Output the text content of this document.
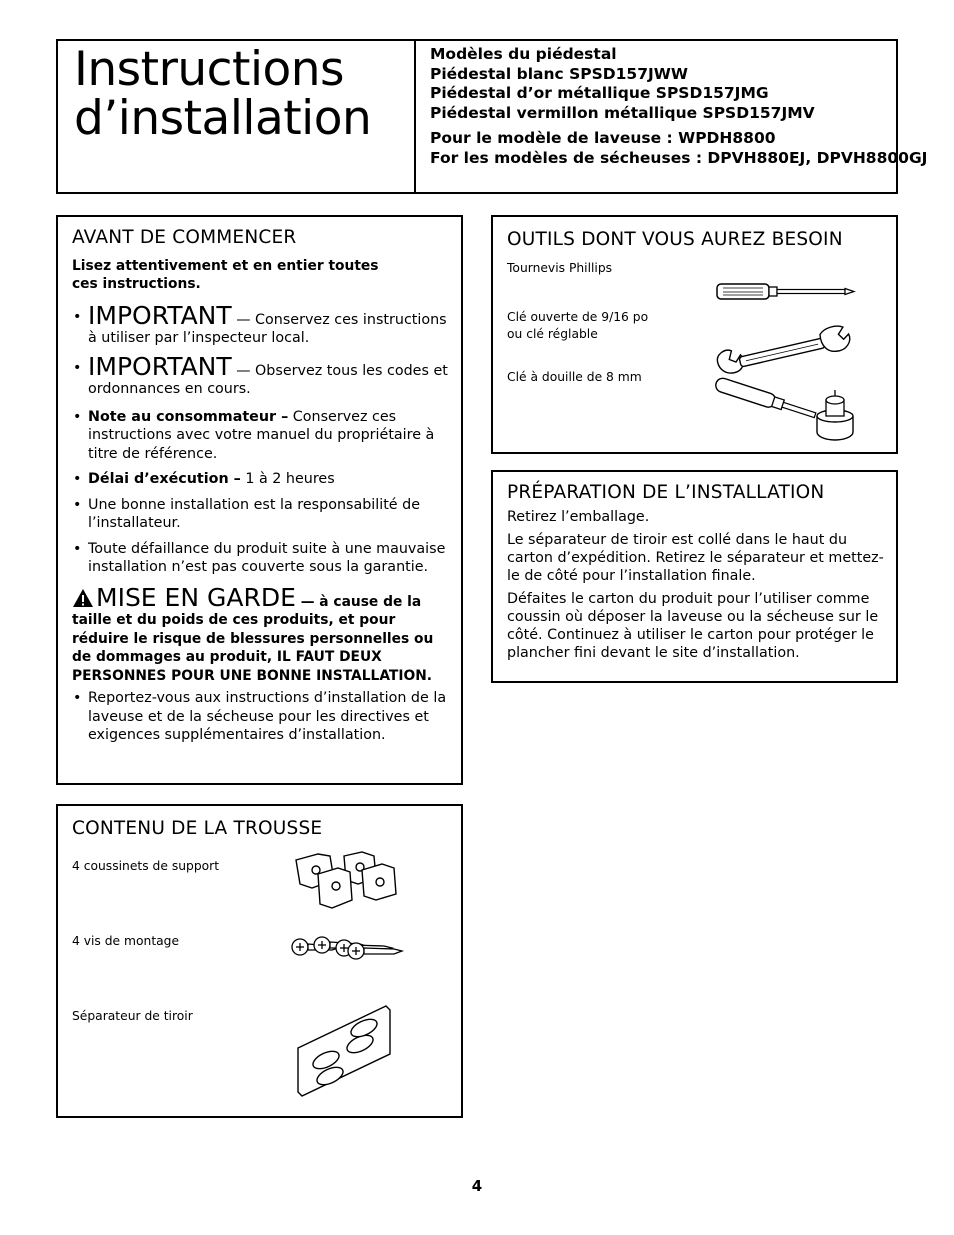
Instructions
d’installation
Modèles du piédestal
Piédestal blanc SPSD157JWW
Piédestal d’or métallique SPSD157JMG
Piédestal vermillon métallique SPSD157JMV
Pour le modèle de laveuse : WPDH8800
For les modèles de sécheuses : DPVH880EJ, DPVH8800GJ
AVANT DE COMMENCER
Lisez attentivement et en entier toutes
ces instructions.
• IMPORTANT — Conservez ces instructions à utiliser par l’inspecteur local.
• IMPORTANT — Observez tous les codes et ordonnances en cours.
• Note au consommateur – Conservez ces instructions avec votre manuel du propriétaire à titre de référence.
• Délai d’exécution – 1 à 2 heures
• Une bonne installation est la responsabilité de l’installateur.
• Toute défaillance du produit suite à une mauvaise installation n’est pas couverte sous la garantie.
MISE EN GARDE — à cause de la taille et du poids de ces produits, et pour réduire le risque de blessures personnelles ou de dommages au produit, IL FAUT DEUX PERSONNES POUR UNE BONNE INSTALLATION.
• Reportez-vous aux instructions d’installation de la laveuse et de la sécheuse pour les directives et exigences supplémentaires d’installation.
OUTILS DONT VOUS AUREZ BESOIN
Tournevis Phillips
Clé ouverte de 9/16 po
ou clé réglable
Clé à douille de 8 mm
PRÉPARATION DE L’INSTALLATION

Retirez l’emballage.

Le séparateur de tiroir est collé dans le haut du carton d’expédition. Retirez le séparateur et mettez-le de côté pour l’installation finale.

Défaites le carton du produit pour l’utiliser comme coussin où déposer la laveuse ou la sécheuse sur le côté. Continuez à utiliser le carton pour protéger le plancher fini devant le site d’installation.

CONTENU DE LA TROUSSE
4 coussinets de support
4 vis de montage
Séparateur de tiroir
4
